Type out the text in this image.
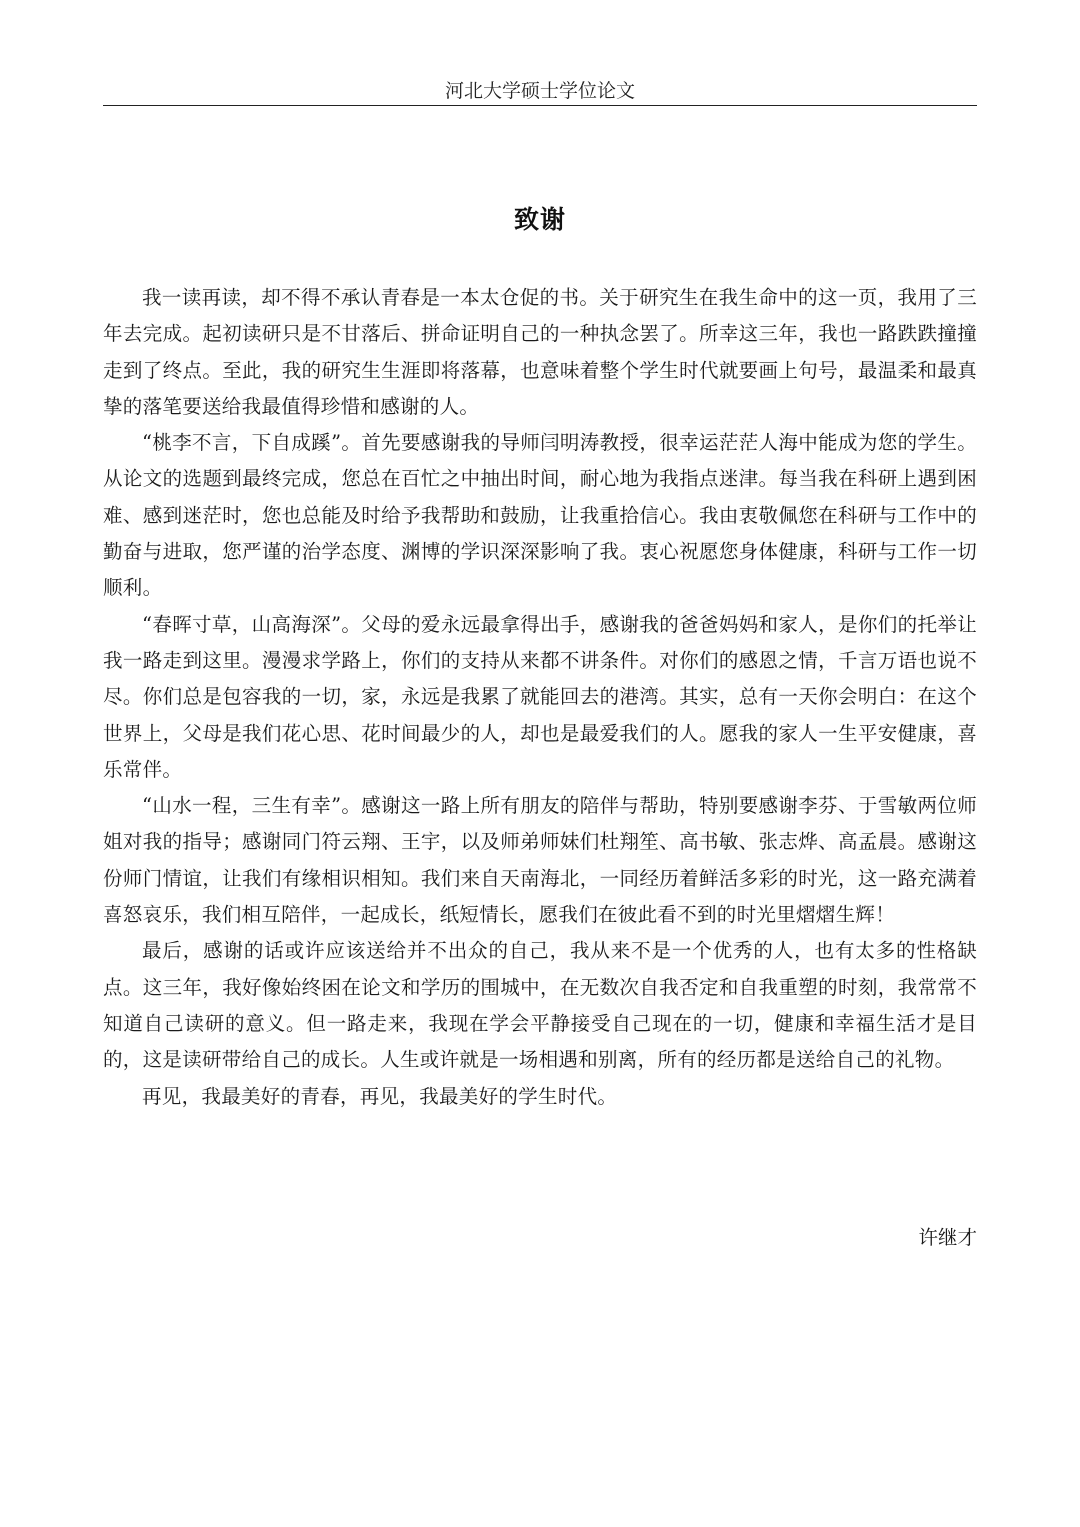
河北大学硕士学位论文
致谢

我一读再读，却不得不承认青春是一本太仓促的书。关于研究生在我生命中的这一页，我用了三年去完成。起初读研只是不甘落后、拼命证明自己的一种执念罢了。所幸这三年，我也一路跌跌撞撞走到了终点。至此，我的研究生生涯即将落幕，也意味着整个学生时代就要画上句号，最温柔和最真挚的落笔要送给我最值得珍惜和感谢的人。

“桃李不言，下自成蹊”。首先要感谢我的导师闫明涛教授，很幸运茫茫人海中能成为您的学生。从论文的选题到最终完成，您总在百忙之中抽出时间，耐心地为我指点迷津。每当我在科研上遇到困难、感到迷茫时，您也总能及时给予我帮助和鼓励，让我重拾信心。我由衷敬佩您在科研与工作中的勤奋与进取，您严谨的治学态度、渊博的学识深深影响了我。衷心祝愿您身体健康，科研与工作一切顺利。

“春晖寸草，山高海深”。父母的爱永远最拿得出手，感谢我的爸爸妈妈和家人，是你们的托举让我一路走到这里。漫漫求学路上，你们的支持从来都不讲条件。对你们的感恩之情，千言万语也说不尽。你们总是包容我的一切，家，永远是我累了就能回去的港湾。其实，总有一天你会明白：在这个世界上，父母是我们花心思、花时间最少的人，却也是最爱我们的人。愿我的家人一生平安健康，喜乐常伴。

“山水一程，三生有幸”。感谢这一路上所有朋友的陪伴与帮助，特别要感谢李芬、于雪敏两位师姐对我的指导；感谢同门符云翔、王宇，以及师弟师妹们杜翔笙、高书敏、张志烨、高孟晨。感谢这份师门情谊，让我们有缘相识相知。我们来自天南海北，一同经历着鲜活多彩的时光，这一路充满着喜怒哀乐，我们相互陪伴，一起成长，纸短情长，愿我们在彼此看不到的时光里熠熠生辉！

最后，感谢的话或许应该送给并不出众的自己，我从来不是一个优秀的人，也有太多的性格缺点。这三年，我好像始终困在论文和学历的围城中，在无数次自我否定和自我重塑的时刻，我常常不知道自己读研的意义。但一路走来，我现在学会平静接受自己现在的一切，健康和幸福生活才是目的，这是读研带给自己的成长。人生或许就是一场相遇和别离，所有的经历都是送给自己的礼物。

再见，我最美好的青春，再见，我最美好的学生时代。

许继才
